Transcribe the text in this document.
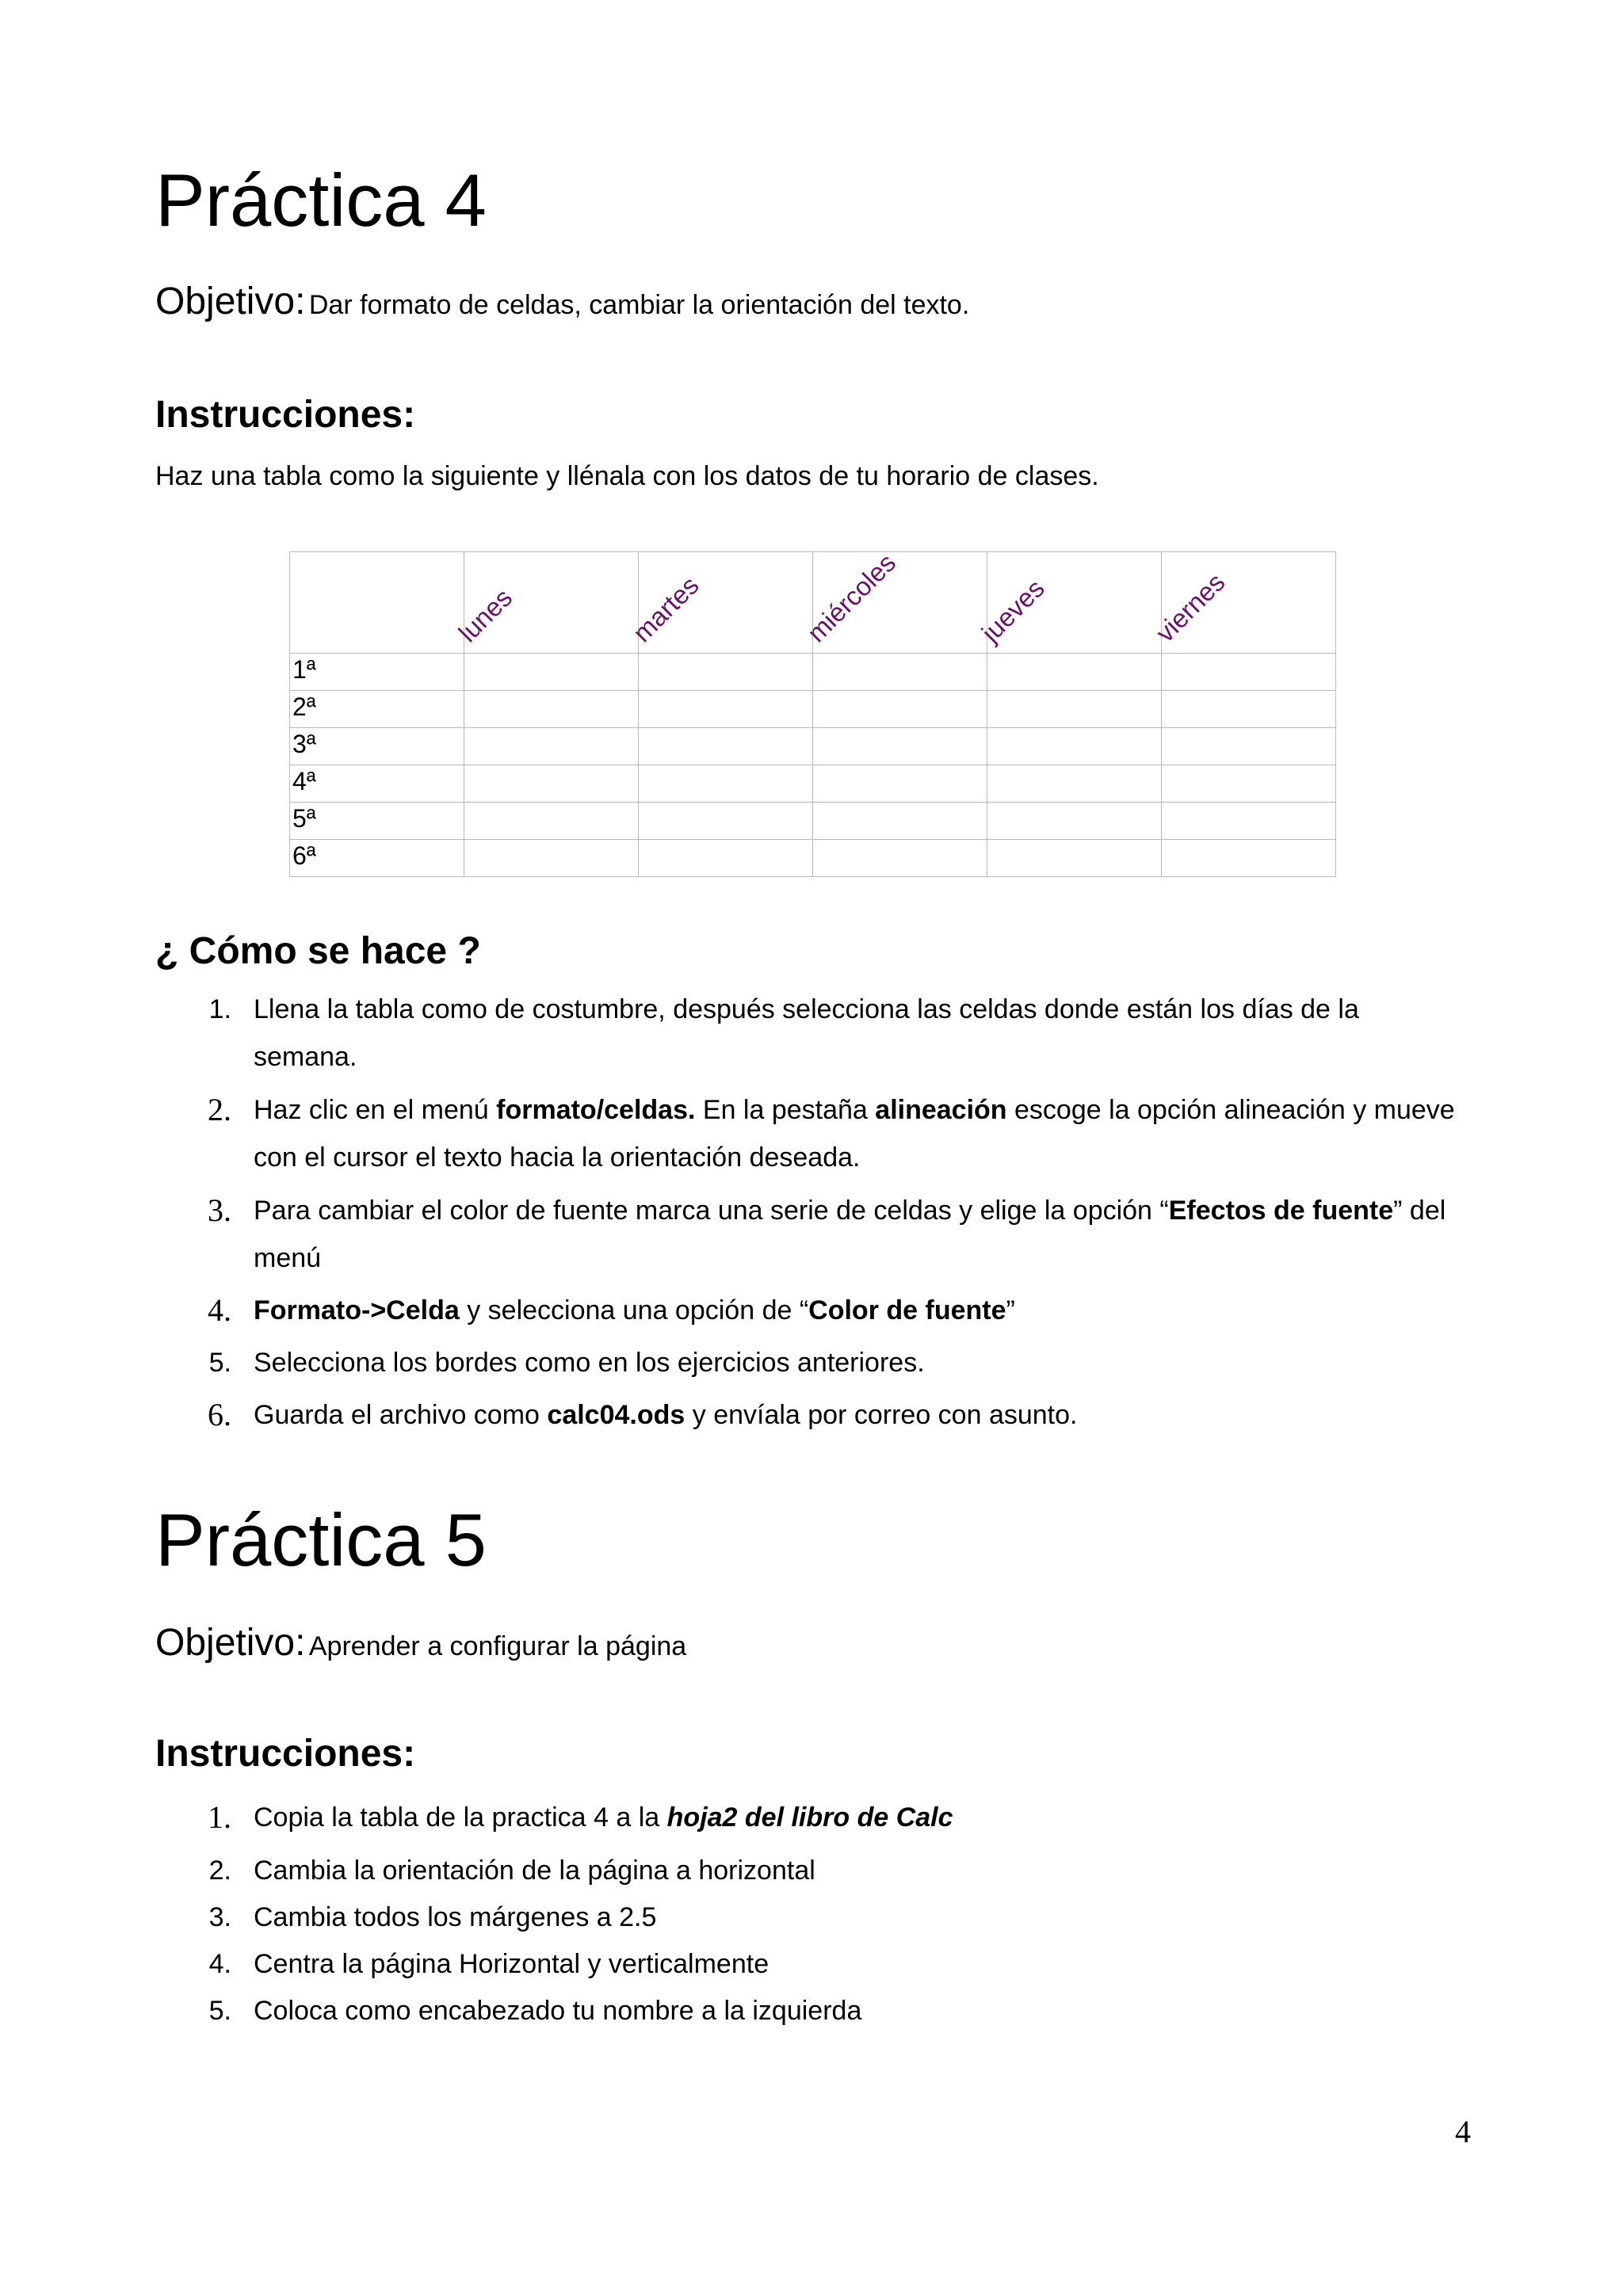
Práctica 4
Objetivo: Dar formato de celdas, cambiar la orientación del texto.
Instrucciones:
Haz una tabla como la siguiente y llénala con los datos de tu horario de clases.

	lunes	martes	miércoles	jueves	viernes

1ª					
2ª					
3ª					
4ª					
5ª					
6ª					
¿ Cómo se hace ?
1. Llena la tabla como de costumbre, después selecciona las celdas donde están los días de la
semana.
2. Haz clic en el menú formato/celdas. En la pestaña alineación escoge la opción alineación y mueve
con el cursor el texto hacia la orientación deseada.
3. Para cambiar el color de fuente marca una serie de celdas y elige la opción “Efectos de fuente” del
menú
4. Formato->Celda y selecciona una opción de “Color de fuente”
5. Selecciona los bordes como en los ejercicios anteriores.
6. Guarda el archivo como calc04.ods y envíala por correo con asunto.
Práctica 5
Objetivo: Aprender a configurar la página
Instrucciones:
1. Copia la tabla de la practica 4 a la hoja2 del libro de Calc
2. Cambia la orientación de la página a horizontal
3. Cambia todos los márgenes a 2.5
4. Centra la página Horizontal y verticalmente
5. Coloca como encabezado tu nombre a la izquierda
4
